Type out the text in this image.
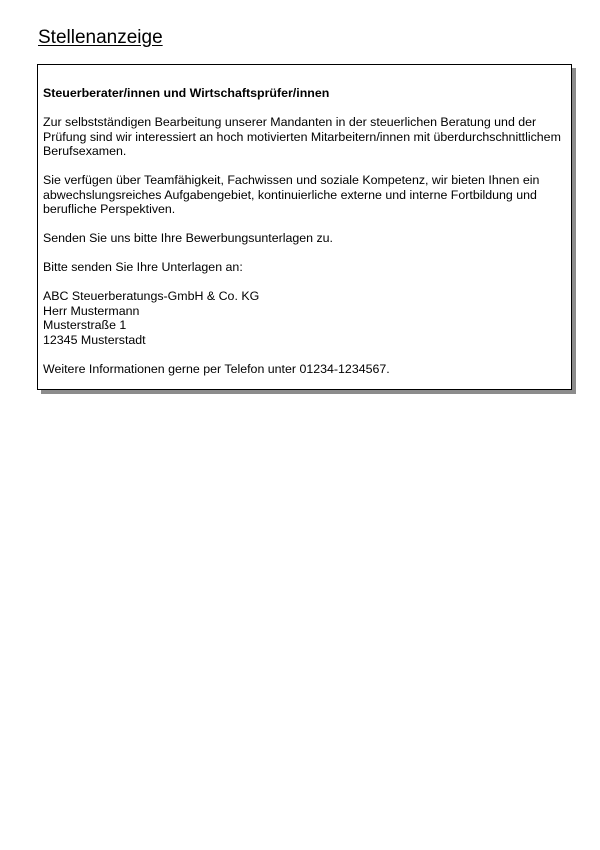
Stellenanzeige

Steuerberater/innen und Wirtschaftsprüfer/innen

Zur selbstständigen Bearbeitung unserer Mandanten in der steuerlichen Beratung und der Prüfung sind wir interessiert an hoch motivierten Mitarbeitern/innen mit überdurchschnittlichem Berufsexamen.

Sie verfügen über Teamfähigkeit, Fachwissen und soziale Kompetenz, wir bieten Ihnen ein abwechslungsreiches Aufgabengebiet, kontinuierliche externe und interne Fortbildung und berufliche Perspektiven.

Senden Sie uns bitte Ihre Bewerbungsunterlagen zu.

Bitte senden Sie Ihre Unterlagen an:

ABC Steuerberatungs-GmbH & Co. KG
Herr Mustermann
Musterstraße 1
12345 Musterstadt

Weitere Informationen gerne per Telefon unter 01234-1234567.
